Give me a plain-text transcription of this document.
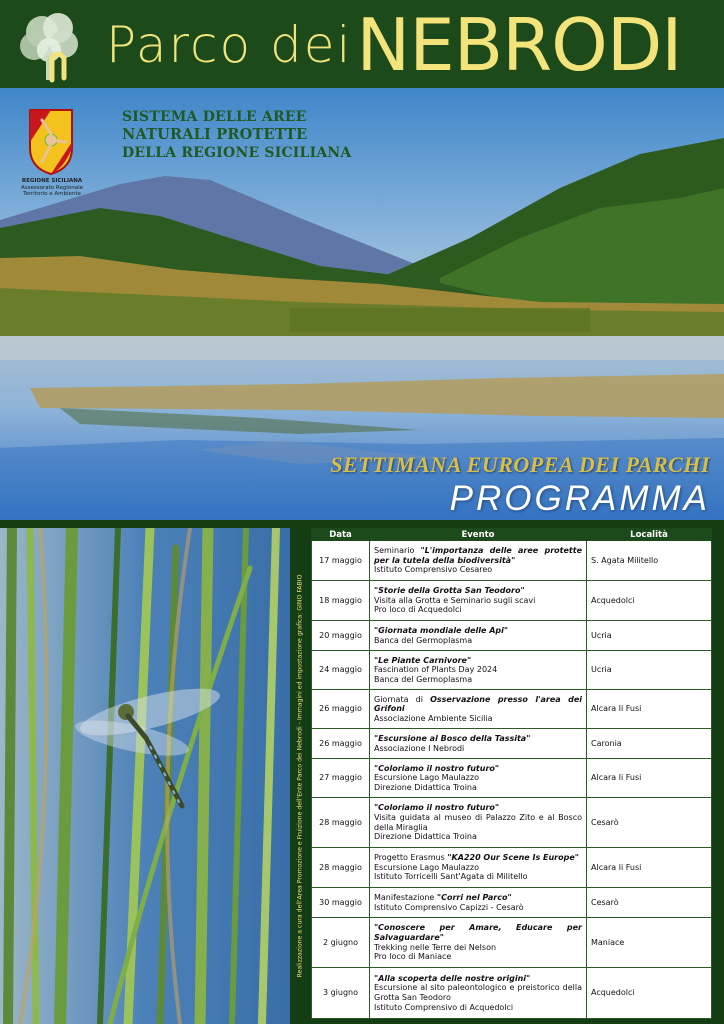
Parco dei NEBRODI
REGIONE SICILIANA
Assessorato Regionale
Territorio e Ambiente
SISTEMA DELLE AREE
NATURALI PROTETTE
DELLA REGIONE SICILIANA
SETTIMANA EUROPEA DEI PARCHI
PROGRAMMA
Realizzazione a cura dell'Area Promozione e Fruizione dell'Ente Parco dei Nebrodi - Immagini ed impostazione grafica: GINO FABIO
Data	Evento	Località
17 maggio	Seminario "L'importanza delle aree protette per la tutela della biodiversità"
Istituto Comprensivo Cesareo	S. Agata Militello
18 maggio	"Storie della Grotta San Teodoro"
Visita alla Grotta e Seminario sugli scavi
Pro loco di Acquedolci	Acquedolci
20 maggio	"Giornata mondiale delle Api"
Banca del Germoplasma	Ucria
24 maggio	"Le Piante Carnivore"
Fascination of Plants Day 2024
Banca del Germoplasma	Ucria
26 maggio	Giornata di Osservazione presso l'area dei Grifoni
Associazione Ambiente Sicilia	Alcara li Fusi
26 maggio	"Escursione al Bosco della Tassita"
Associazione I Nebrodi	Caronia
27 maggio	"Coloriamo il nostro futuro"
Escursione Lago Maulazzo
Direzione Didattica Troina	Alcara li Fusi
28 maggio	"Coloriamo il nostro futuro"
Visita guidata al museo di Palazzo Zito e al Bosco della Miraglia
Direzione Didattica Troina	Cesarò
28 maggio	Progetto Erasmus "KA220 Our Scene Is Europe"
Escursione Lago Maulazzo
Istituto Torricelli Sant'Agata di Militello	Alcara li Fusi
30 maggio	Manifestazione "Corri nel Parco"
Istituto Comprensivo Capizzi - Cesarò	Cesarò
2 giugno	"Conoscere per Amare, Educare per Salvaguardare"
Trekking nelle Terre dei Nelson
Pro loco di Maniace	Maniace
3 giugno	"Alla scoperta delle nostre origini"
Escursione al sito paleontologico e preistorico della Grotta San Teodoro
Istituto Comprensivo di Acquedolci	Acquedolci
